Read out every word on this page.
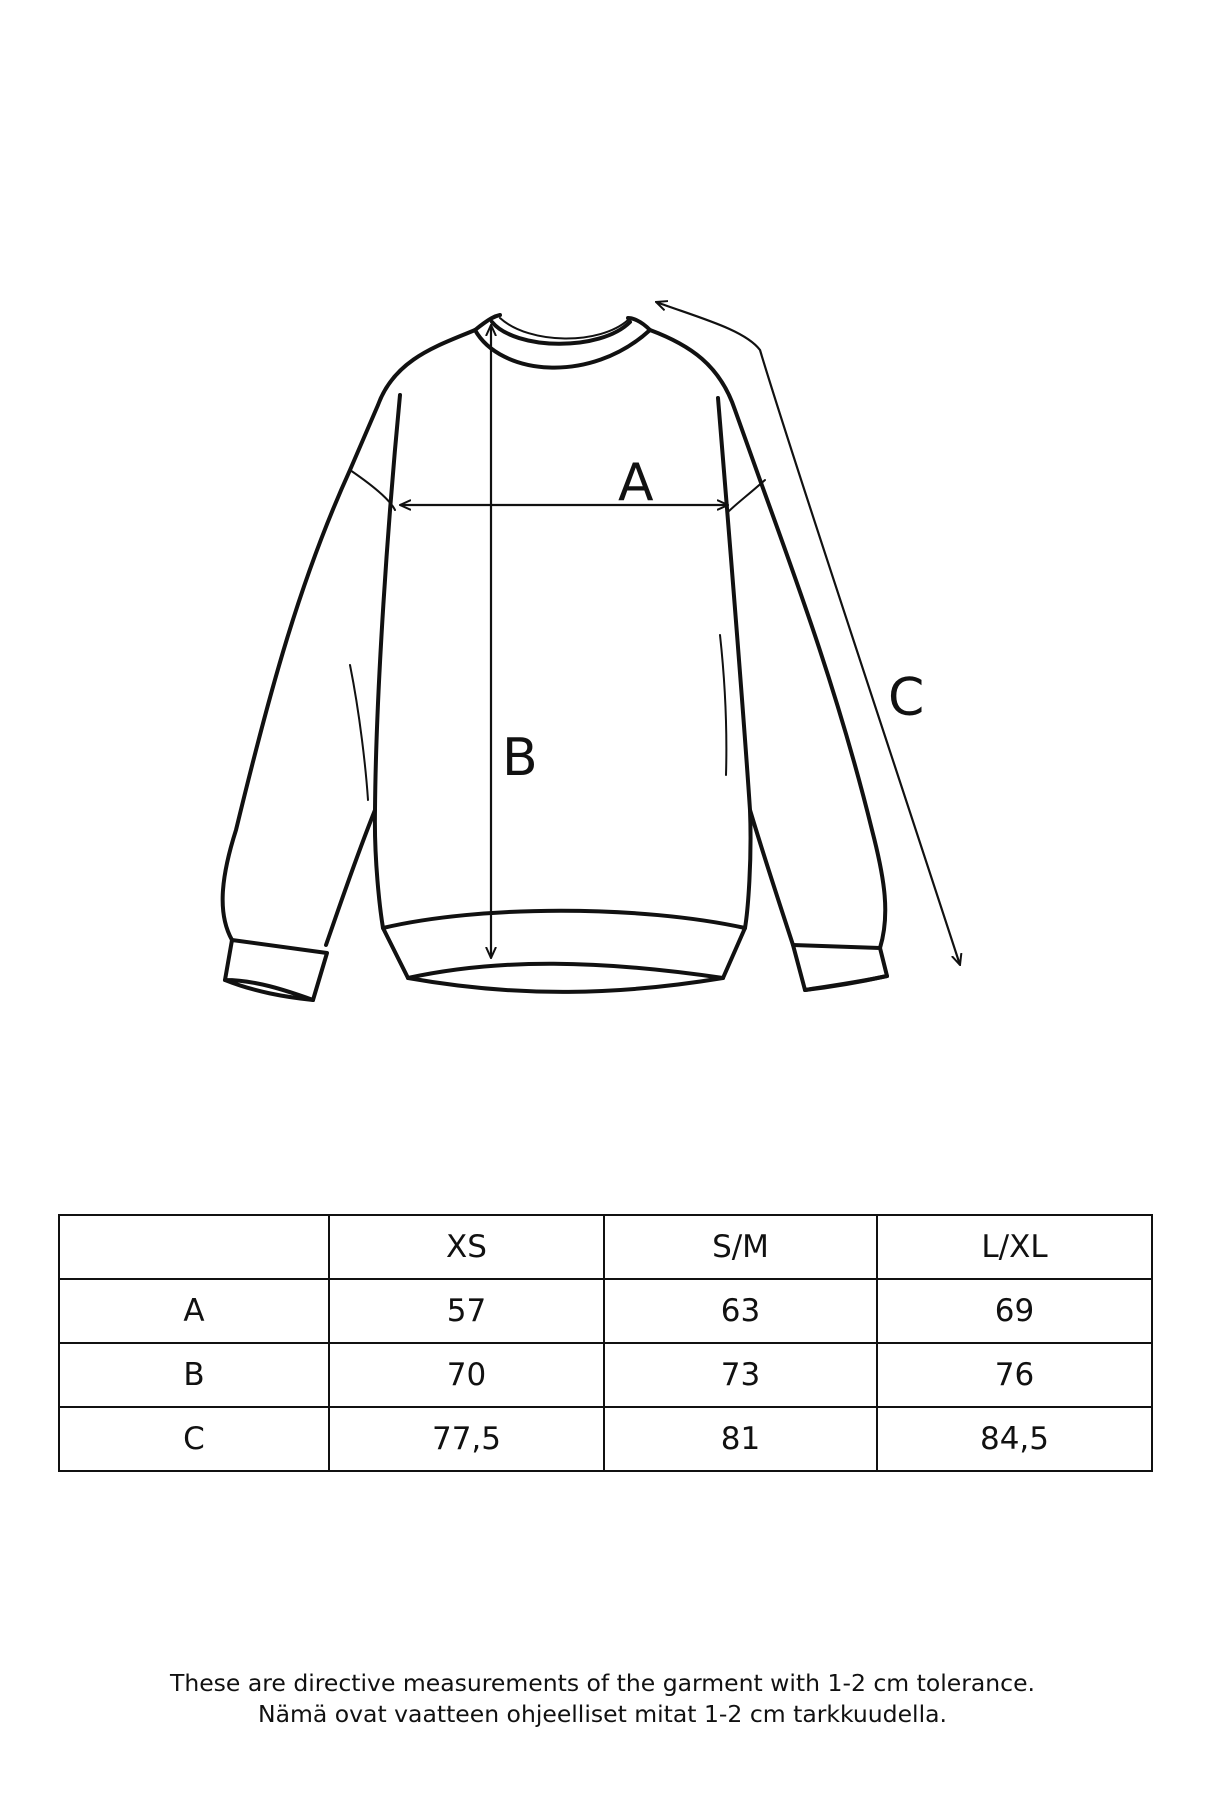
A
B
C
	XS	S/M	L/XL
A	57	63	69
B	70	73	76
C	77,5	81	84,5
These are directive measurements of the garment with 1-2 cm tolerance.
Nämä ovat vaatteen ohjeelliset mitat 1-2 cm tarkkuudella.
